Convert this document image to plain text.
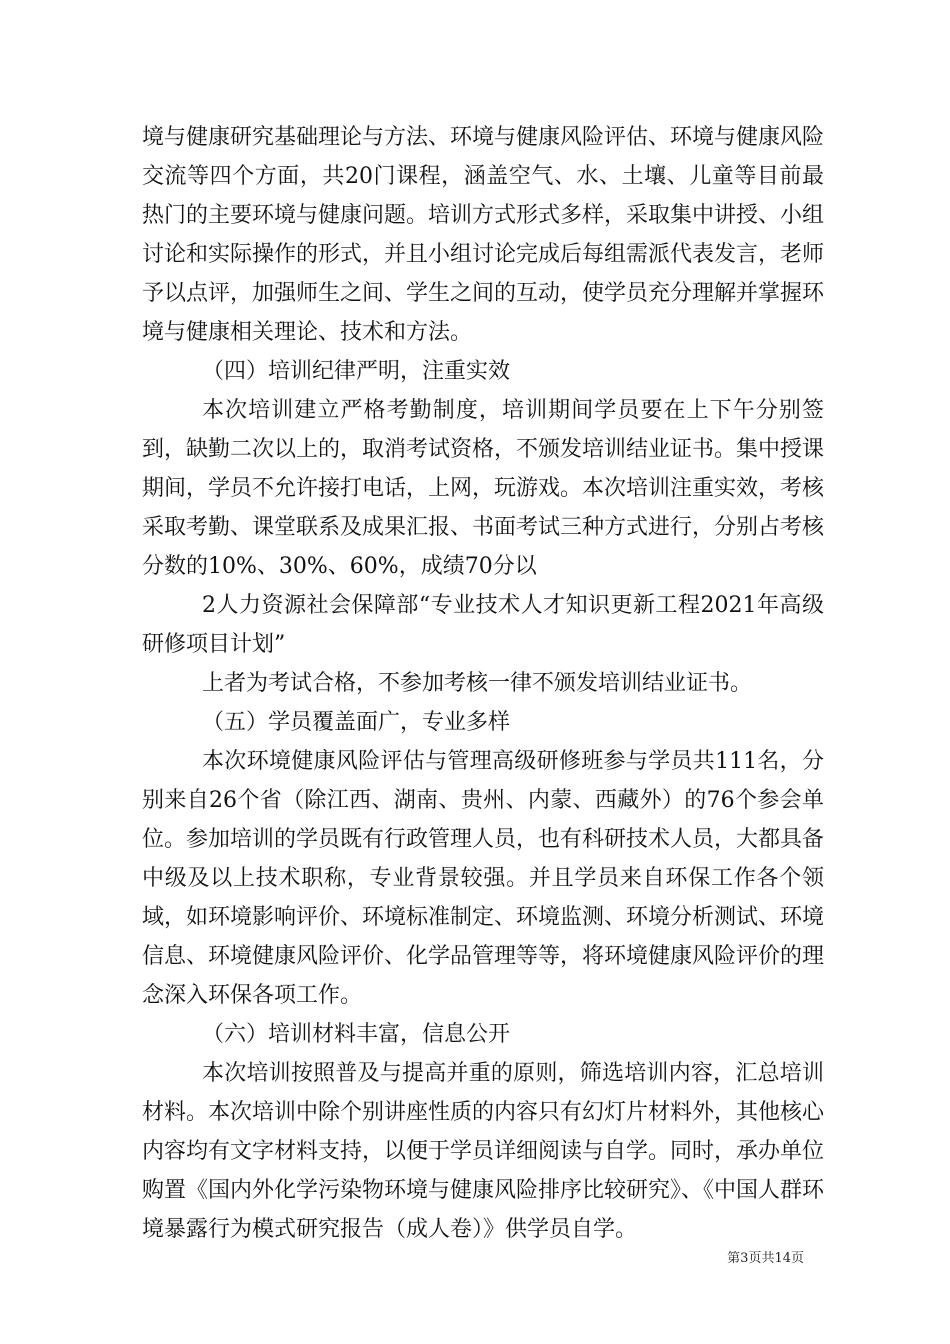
境与健康研究基础理论与方法、环境与健康风险评估、环境与健康风险交流等四个方面，共20门课程，涵盖空气、水、土壤、儿童等目前最热门的主要环境与健康问题。培训方式形式多样，采取集中讲授、小组讨论和实际操作的形式，并且小组讨论完成后每组需派代表发言，老师予以点评，加强师生之间、学生之间的互动，使学员充分理解并掌握环境与健康相关理论、技术和方法。

（四）培训纪律严明，注重实效

本次培训建立严格考勤制度，培训期间学员要在上下午分别签到，缺勤二次以上的，取消考试资格，不颁发培训结业证书。集中授课期间，学员不允许接打电话，上网，玩游戏。本次培训注重实效，考核采取考勤、课堂联系及成果汇报、书面考试三种方式进行，分别占考核分数的10%、30%、60%，成绩70分以

2人力资源社会保障部“专业技术人才知识更新工程2021年高级研修项目计划”

上者为考试合格，不参加考核一律不颁发培训结业证书。

（五）学员覆盖面广，专业多样

本次环境健康风险评估与管理高级研修班参与学员共111名，分别来自26个省（除江西、湖南、贵州、内蒙、西藏外）的76个参会单位。参加培训的学员既有行政管理人员，也有科研技术人员，大都具备中级及以上技术职称，专业背景较强。并且学员来自环保工作各个领域，如环境影响评价、环境标准制定、环境监测、环境分析测试、环境信息、环境健康风险评价、化学品管理等等，将环境健康风险评价的理念深入环保各项工作。

（六）培训材料丰富，信息公开

本次培训按照普及与提高并重的原则，筛选培训内容，汇总培训材料。本次培训中除个别讲座性质的内容只有幻灯片材料外，其他核心内容均有文字材料支持，以便于学员详细阅读与自学。同时，承办单位购置《国内外化学污染物环境与健康风险排序比较研究》、《中国人群环境暴露行为模式研究报告（成人卷）》供学员自学。

第3页共14页
